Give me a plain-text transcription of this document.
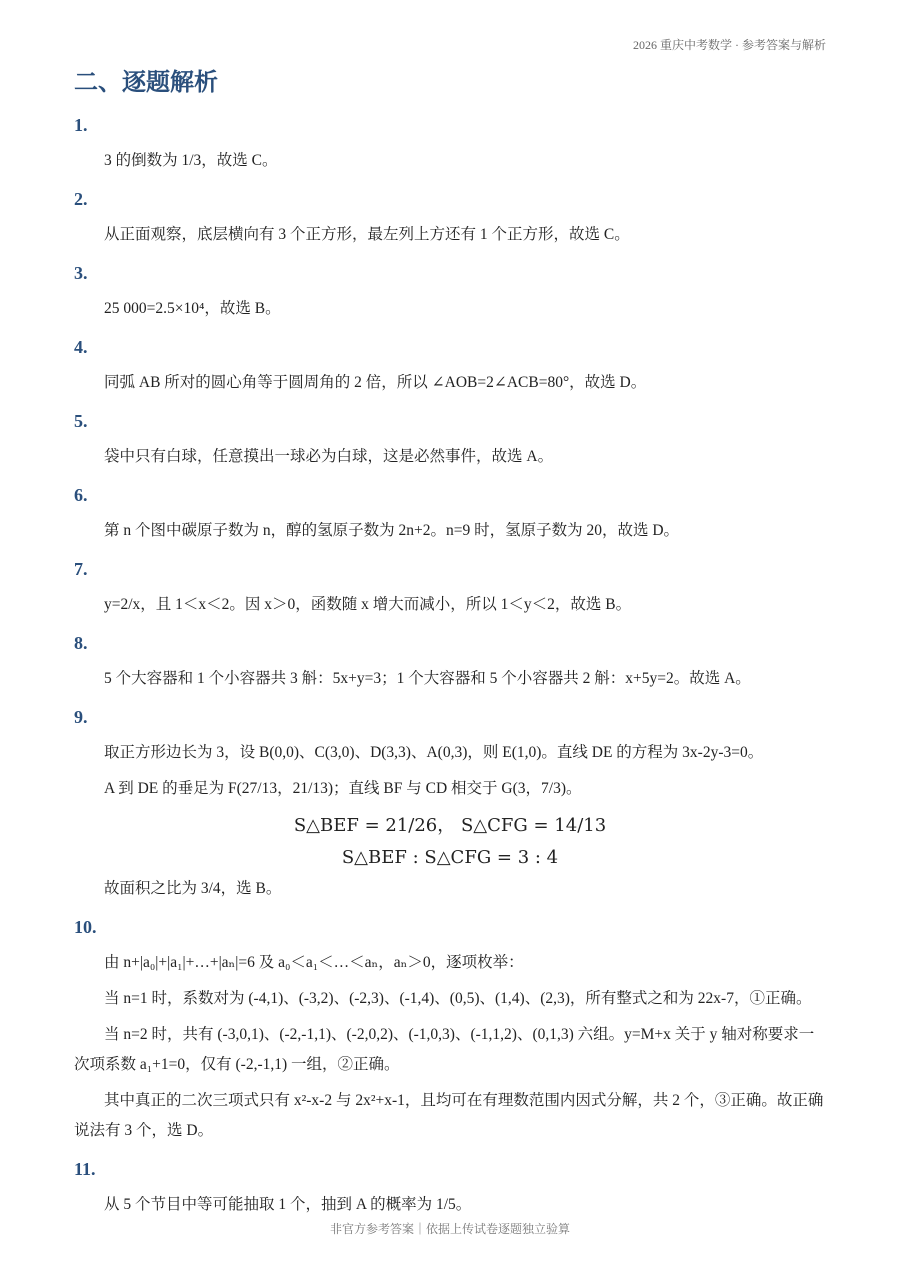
2026 重庆中考数学 · 参考答案与解析
二、逐题解析
1.

3 的倒数为 1/3，故选 C。

2.

从正面观察，底层横向有 3 个正方形，最左列上方还有 1 个正方形，故选 C。

3.

25 000=2.5×10⁴，故选 B。

4.

同弧 AB 所对的圆心角等于圆周角的 2 倍，所以 ∠AOB=2∠ACB=80°，故选 D。

5.

袋中只有白球，任意摸出一球必为白球，这是必然事件，故选 A。

6.

第 n 个图中碳原子数为 n，醇的氢原子数为 2n+2。n=9 时，氢原子数为 20，故选 D。

7.

y=2/x，且 1＜x＜2。因 x＞0，函数随 x 增大而减小，所以 1＜y＜2，故选 B。

8.

5 个大容器和 1 个小容器共 3 斛：5x+y=3；1 个大容器和 5 个小容器共 2 斛：x+5y=2。故选 A。

9.

取正方形边长为 3，设 B(0,0)、C(3,0)、D(3,3)、A(0,3)，则 E(1,0)。直线 DE 的方程为 3x-2y-3=0。

A 到 DE 的垂足为 F(27/13，21/13)；直线 BF 与 CD 相交于 G(3，7/3)。

S△BEF = 21/26， S△CFG = 14/13
S△BEF : S△CFG = 3 : 4

故面积之比为 3/4，选 B。

10.

由 n+|a₀|+|a₁|+…+|aₙ|=6 及 a₀＜a₁＜…＜aₙ，aₙ＞0，逐项枚举：

当 n=1 时，系数对为 (-4,1)、(-3,2)、(-2,3)、(-1,4)、(0,5)、(1,4)、(2,3)，所有整式之和为 22x-7，①正确。

当 n=2 时，共有 (-3,0,1)、(-2,-1,1)、(-2,0,2)、(-1,0,3)、(-1,1,2)、(0,1,3) 六组。y=M+x 关于 y 轴对称要求一次项系数 a₁+1=0，仅有 (-2,-1,1) 一组，②正确。

其中真正的二次三项式只有 x²-x-2 与 2x²+x-1，且均可在有理数范围内因式分解，共 2 个，③正确。故正确说法有 3 个，选 D。

11.

从 5 个节目中等可能抽取 1 个，抽到 A 的概率为 1/5。

非官方参考答案｜依据上传试卷逐题独立验算
